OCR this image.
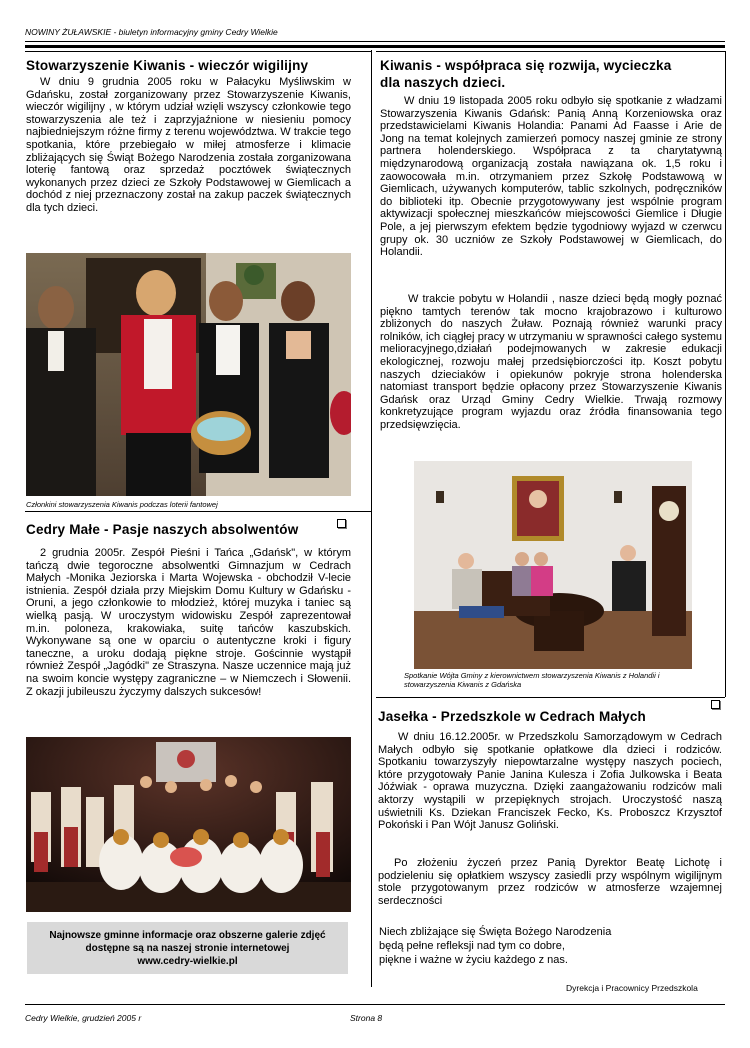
NOWINY ŻUŁAWSKIE - biuletyn informacyjny gminy Cedry Wielkie
Stowarzyszenie Kiwanis - wieczór wigilijny

W dniu 9 grudnia 2005 roku w Pałacyku Myśliwskim w Gdańsku, został zorganizowany przez Stowarzyszenie Kiwanis, wieczór wigilijny , w którym udział wzięli wszyscy członkowie tego stowarzyszenia ale też i zaprzyjaźnione w niesieniu pomocy najbiedniejszym różne firmy z terenu województwa. W trakcie tego spotkania, które przebiegało w miłej atmosferze i klimacie zbliżających się Świąt Bożego Narodzenia została zorganizowana loterię fantową oraz sprzedaż pocztówek świątecznych wykonanych przez dzieci ze Szkoły Podstawowej w Giemlicach a dochód z niej przeznaczony został na zakup paczek świątecznych dla tych dzieci.

Członkini stowarzyszenia Kiwanis podczas loterii fantowej
Cedry Małe - Pasje naszych absolwentów

2 grudnia 2005r. Zespół Pieśni i Tańca „Gdańsk", w którym tańczą dwie tegoroczne absolwentki Gimnazjum w Cedrach Małych -Monika Jeziorska i Marta Wojewska - obchodził V-lecie istnienia. Zespół działa przy Miejskim Domu Kultury w Gdańsku - Oruni, a jego członkowie to młodzież, której muzyka i taniec są wielką pasją. W uroczystym widowisku Zespół zaprezentował m.in. poloneza, krakowiaka, suitę tańców kaszubskich. Wykonywane są one w oparciu o autentyczne kroki i figury taneczne, a uroku dodają piękne stroje. Gościnnie wystąpił również Zespół „Jagódki" ze Straszyna. Nasze uczennice mają już na swoim koncie występy zagraniczne – w Niemczech i Słowenii. Z okazji jubileuszu życzymy dalszych sukcesów!

Najnowsze gminne informacje oraz obszerne galerie zdjęć
dostępne są na naszej stronie internetowej
www.cedry-wielkie.pl
Kiwanis - współpraca się rozwija, wycieczka
dla naszych dzieci.

W dniu 19 listopada 2005 roku odbyło się spotkanie z władzami Stowarzyszenia Kiwanis Gdańsk: Panią Anną Korzeniowska oraz przedstawicielami Kiwanis Holandia: Panami Ad Faasse i Arie de Jong na temat kolejnych zamierzeń pomocy naszej gminie ze strony partnera holenderskiego. Współpraca z ta charytatywną międzynarodową organizacją została nawiązana ok. 1,5 roku i zaowocowała m.in. otrzymaniem przez Szkołę Podstawową w Giemlicach, używanych komputerów, tablic szkolnych, podręczników do biblioteki itp. Obecnie przygotowywany jest wspólnie program aktywizacji społecznej mieszkańców miejscowości Giemlice i Długie Pole, a jej pierwszym efektem będzie tygodniowy wyjazd w czerwcu grupy ok. 30 uczniów ze Szkoły Podstawowej w Giemlicach, do Holandii.

W trakcie pobytu w Holandii , nasze dzieci będą mogły poznać piękno tamtych terenów tak mocno krajobrazowo i kulturowo zbliżonych do naszych Żuław. Poznają również warunki pracy rolników, ich ciągłej pracy w utrzymaniu w sprawności całego systemu melioracyjnego,działań podejmowanych w zakresie edukacji ekologicznej, rozwoju małej przedsiębiorczości itp. Koszt pobytu naszych dzieciaków i opiekunów pokryje strona holenderska natomiast transport będzie opłacony przez Stowarzyszenie Kiwanis Gdańsk oraz Urząd Gminy Cedry Wielkie. Trwają rozmowy konkretyzujące program wyjazdu oraz źródła finansowania tego przedsięwzięcia.

Spotkanie Wójta Gminy z kierownictwem stowarzyszenia Kiwanis z Holandii i
stowarzyszenia Kiwanis z Gdańska
Jasełka - Przedszkole w Cedrach Małych

W dniu 16.12.2005r. w Przedszkolu Samorządowym w Cedrach Małych odbyło się spotkanie opłatkowe dla dzieci i rodziców. Spotkaniu towarzyszyły niepowtarzalne występy naszych pociech, które przygotowały Panie Janina Kulesza i Zofia Julkowska i Beata Jóźwiak - oprawa muzyczna. Dzięki zaangażowaniu rodziców mali aktorzy wystąpili w przepięknych strojach. Uroczystość naszą uświetnili Ks. Dziekan Franciszek Fecko, Ks. Proboszcz Krzysztof Pokoński i Pan Wójt Janusz Goliński.

Po złożeniu życzeń przez Panią Dyrektor Beatę Lichotę i podzieleniu się opłatkiem wszyscy zasiedli przy wspólnym wigilijnym stole przygotowanym przez rodziców w atmosferze wzajemnej serdeczności

Niech zbliżające się Święta Bożego Narodzenia
będą pełne refleksji nad tym co dobre,
piękne i ważne w życiu każdego z nas.
Dyrekcja i Pracownicy Przedszkola
Cedry Wielkie, grudzień 2005 r	Strona 8
